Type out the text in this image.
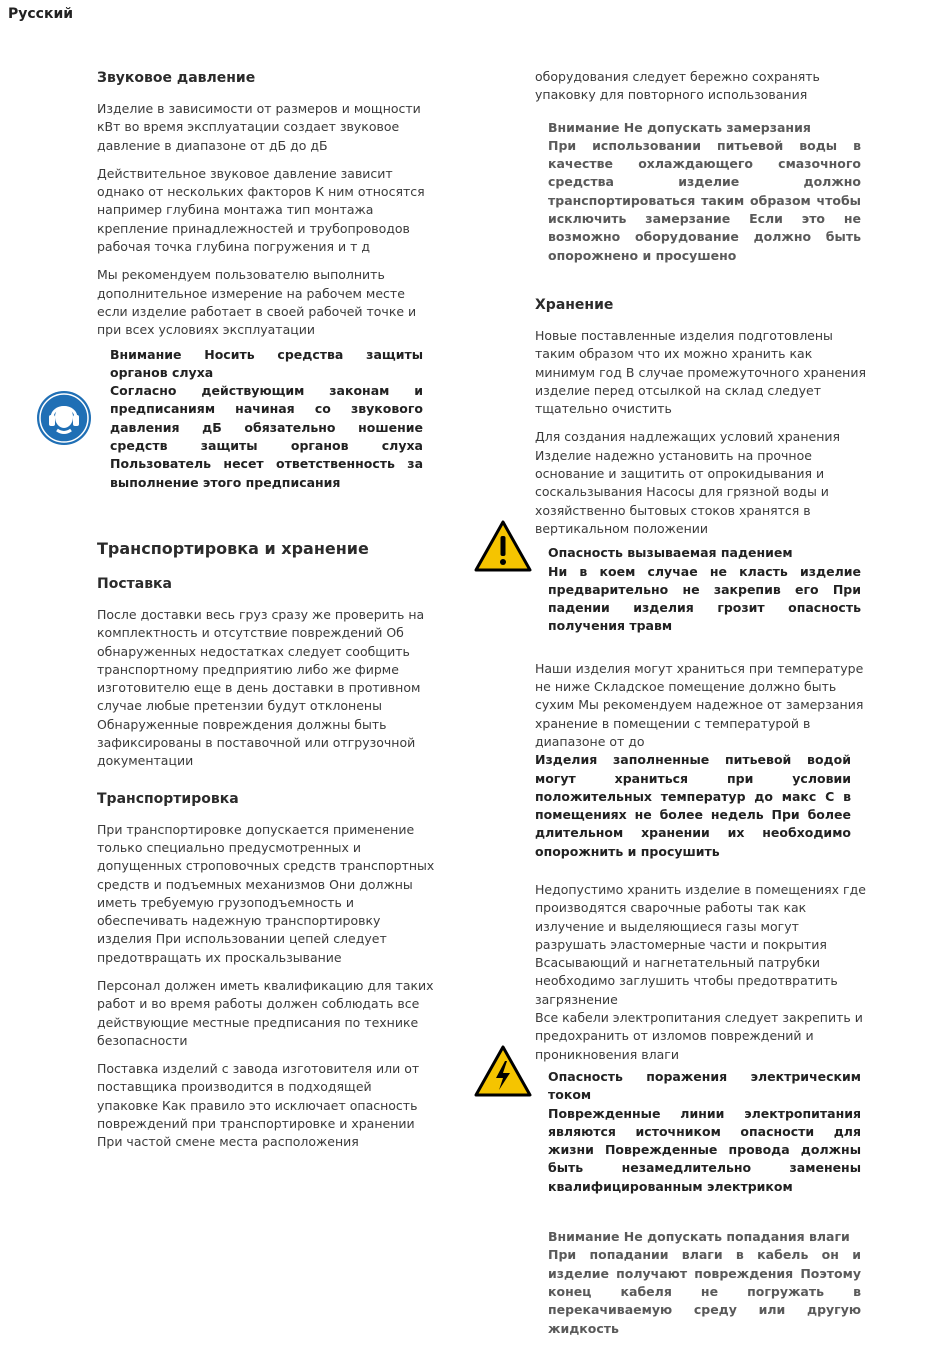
Русский
Звуковое давление

Изделие в зависимости от размеров и мощности кВт во время эксплуатации создает звуковое давление в диапазоне от дБ до дБ

Действительное звуковое давление зависит однако от нескольких факторов К ним относятся например глубина монтажа тип монтажа крепление принадлежностей и трубопроводов рабочая точка глубина погружения и т д

Мы рекомендуем пользователю выполнить дополнительное измерение на рабочем месте если изделие работает в своей рабочей точке и при всех условиях эксплуатации

Внимание Носить средства защиты органов слуха
Согласно действующим законам и предписаниям начиная со звукового давления дБ обязательно ношение средств защиты органов слуха Пользователь несет ответственность за выполнение этого предписания
Транспортировка и хранение
Поставка

После доставки весь груз сразу же проверить на комплектность и отсутствие повреждений Об обнаруженных недостатках следует сообщить транспортному предприятию либо же фирме изготовителю еще в день доставки в противном случае любые претензии будут отклонены Обнаруженные повреждения должны быть зафиксированы в поставочной или отгрузочной документации

Транспортировка

При транспортировке допускается применение только специально предусмотренных и допущенных строповочных средств транспортных средств и подъемных механизмов Они должны иметь требуемую грузоподъемность и обеспечивать надежную транспортировку изделия При использовании цепей следует предотвращать их проскальзывание

Персонал должен иметь квалификацию для таких работ и во время работы должен соблюдать все действующие местные предписания по технике безопасности

Поставка изделий с завода изготовителя или от поставщика производится в подходящей упаковке Как правило это исключает опасность повреждений при транспортировке и хранении При частой смене места расположения

оборудования следует бережно сохранять упаковку для повторного использования

Внимание Не допускать замерзания
При использовании питьевой воды в качестве охлаждающего смазочного средства изделие должно транспортироваться таким образом чтобы исключить замерзание Если это не возможно оборудование должно быть опорожнено и просушено
Хранение

Новые поставленные изделия подготовлены таким образом что их можно хранить как минимум год В случае промежуточного хранения изделие перед отсылкой на склад следует тщательно очистить

Для создания надлежащих условий хранения Изделие надежно установить на прочное основание и защитить от опрокидывания и соскальзывания Насосы для грязной воды и хозяйственно бытовых стоков хранятся в вертикальном положении

Опасность вызываемая падением
Ни в коем случае не класть изделие предварительно не закрепив его При падении изделия грозит опасность получения травм

Наши изделия могут храниться при температуре не ниже Складское помещение должно быть сухим Мы рекомендуем надежное от замерзания хранение в помещении с температурой в диапазоне от до

Изделия заполненные питьевой водой могут храниться при условии положительных температур до макс С в помещениях не более недель При более длительном хранении их необходимо опорожнить и просушить

Недопустимо хранить изделие в помещениях где производятся сварочные работы так как излучение и выделяющиеся газы могут разрушать эластомерные части и покрытия

Всасывающий и нагнетательный патрубки необходимо заглушить чтобы предотвратить загрязнение

Все кабели электропитания следует закрепить и предохранить от изломов повреждений и проникновения влаги

Опасность поражения электрическим током
Поврежденные линии электропитания являются источником опасности для жизни Поврежденные провода должны быть незамедлительно заменены квалифицированным электриком
Внимание Не допускать попадания влаги
При попадании влаги в кабель он и изделие получают повреждения Поэтому конец кабеля не погружать в перекачиваемую среду или другую жидкость
